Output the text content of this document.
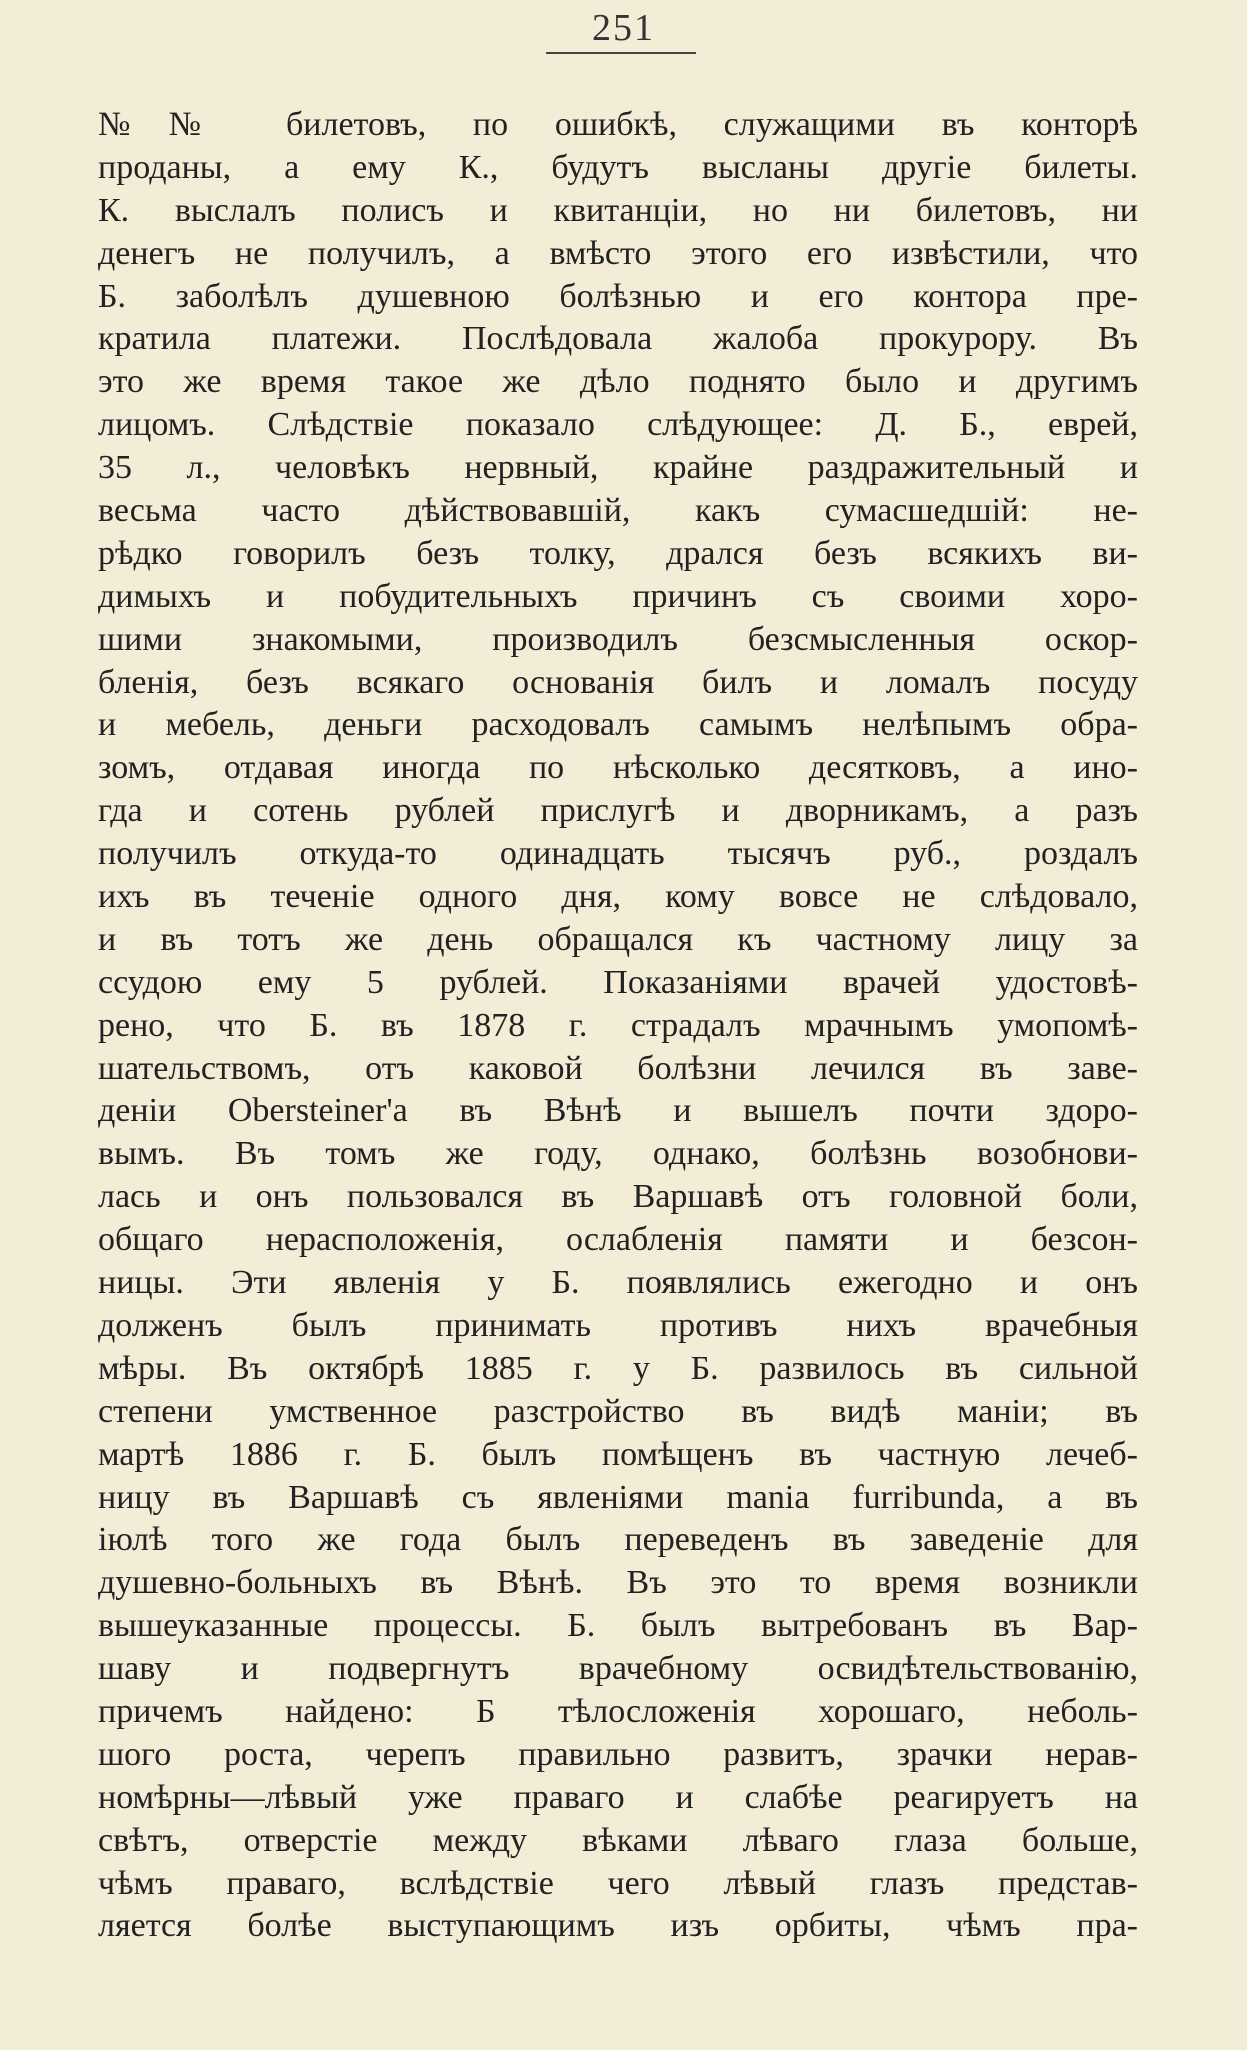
251
№№ билетовъ, по ошибкѣ, служащими въ конторѣ
проданы, а ему К., будутъ высланы другіе билеты.
К. выслалъ полисъ и квитанціи, но ни билетовъ, ни
денегъ не получилъ, а вмѣсто этого его извѣстили, что
Б. заболѣлъ душевною болѣзнью и его контора пре-
кратила платежи. Послѣдовала жалоба прокурору. Въ
это же время такое же дѣло поднято было и другимъ
лицомъ. Слѣдствіе показало слѣдующее: Д. Б., еврей,
35 л., человѣкъ нервный, крайне раздражительный и
весьма часто дѣйствовавшій, какъ сумасшедшій: не-
рѣдко говорилъ безъ толку, дрался безъ всякихъ ви-
димыхъ и побудительныхъ причинъ съ своими хоро-
шими знакомыми, производилъ безсмысленныя оскор-
бленія, безъ всякаго основанія билъ и ломалъ посуду
и мебель, деньги расходовалъ самымъ нелѣпымъ обра-
зомъ, отдавая иногда по нѣсколько десятковъ, а ино-
гда и сотень рублей прислугѣ и дворникамъ, а разъ
получилъ откуда-то одинадцать тысячъ руб., роздалъ
ихъ въ теченіе одного дня, кому вовсе не слѣдовало,
и въ тотъ же день обращался къ частному лицу за
ссудою ему 5 рублей. Показаніями врачей удостовѣ-
рено, что Б. въ 1878 г. страдалъ мрачнымъ умопомѣ-
шательствомъ, отъ каковой болѣзни лечился въ заве-
деніи Obersteiner'а въ Вѣнѣ и вышелъ почти здоро-
вымъ. Въ томъ же году, однако, болѣзнь возобнови-
лась и онъ пользовался въ Варшавѣ отъ головной боли,
общаго нерасположенія, ослабленія памяти и безсон-
ницы. Эти явленія у Б. появлялись ежегодно и онъ
долженъ былъ принимать противъ нихъ врачебныя
мѣры. Въ октябрѣ 1885 г. у Б. развилось въ сильной
степени умственное разстройство въ видѣ маніи; въ
мартѣ 1886 г. Б. былъ помѣщенъ въ частную лечеб-
ницу въ Варшавѣ съ явленіями mania furribunda, а въ
іюлѣ того же года былъ переведенъ въ заведеніе для
душевно-больныхъ въ Вѣнѣ. Въ это то время возникли
вышеуказанные процессы. Б. былъ вытребованъ въ Вар-
шаву и подвергнутъ врачебному освидѣтельствованію,
причемъ найдено: Б тѣлосложенія хорошаго, неболь-
шого роста, черепъ правильно развитъ, зрачки нерав-
номѣрны—лѣвый уже праваго и слабѣе реагируетъ на
свѣтъ, отверстіе между вѣками лѣваго глаза больше,
чѣмъ праваго, вслѣдствіе чего лѣвый глазъ представ-
ляется болѣе выступающимъ изъ орбиты, чѣмъ пра-
